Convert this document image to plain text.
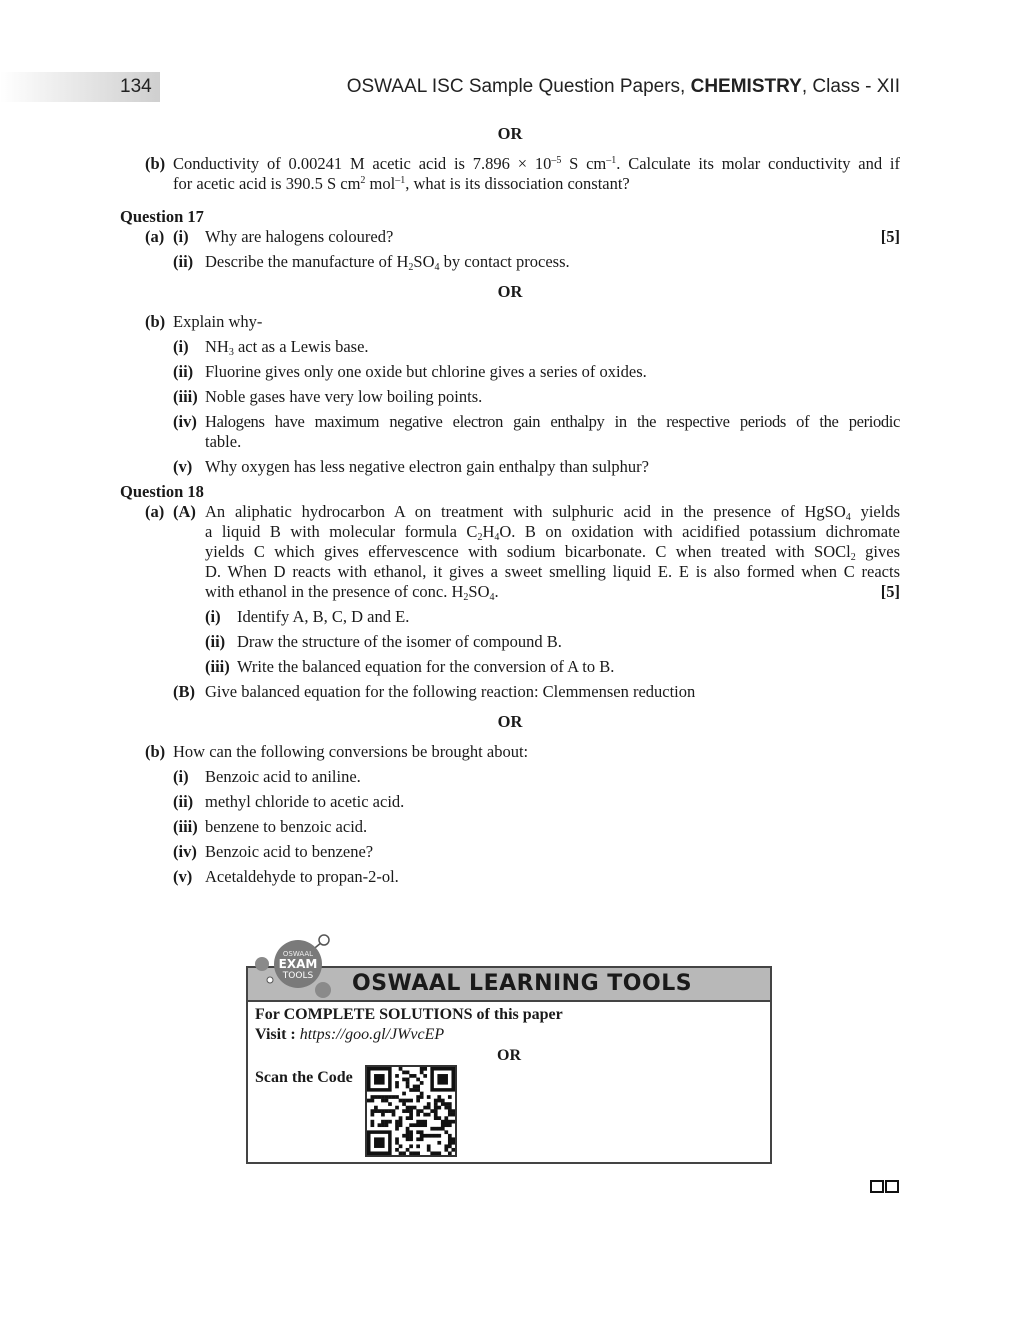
134	OSWAAL ISC Sample Question Papers, CHEMISTRY, Class - XII
OR
(b) Conductivity of 0.00241 M acetic acid is $7.896 \times 10^{-5}$ S $cm^{-1}$. Calculate its molar conductivity and if
for acetic acid is 390.5 S $cm^2$ mol$^{-1}$, what is its dissociation constant?
Question 17
(a) (i) Why are halogens coloured?	[5]
(ii) Describe the manufacture of $H_2SO_4$ by contact process.
OR
(b) Explain why-
(i) $NH_3$ act as a Lewis base.
(ii) Fluorine gives only one oxide but chlorine gives a series of oxides.
(iii) Noble gases have very low boiling points.
(iv) Halogens have maximum negative electron gain enthalpy in the respective periods of the periodic
table.
(v) Why oxygen has less negative electron gain enthalpy than sulphur?
Question 18
(a) (A) An aliphatic hydrocarbon A on treatment with sulphuric acid in the presence of HgSO$_4$ yields
a liquid B with molecular formula $C_2H_4O$. B on oxidation with acidified potassium dichromate
yields C which gives effervescence with sodium bicarbonate. C when treated with SOCl$_2$ gives
D. When D reacts with ethanol, it gives a sweet smelling liquid E. E is also formed when C reacts
with ethanol in the presence of conc. $H_2SO_4$.	[5]
(i) Identify A, B, C, D and E.
(ii) Draw the structure of the isomer of compound B.
(iii) Write the balanced equation for the conversion of A to B.
(B) Give balanced equation for the following reaction: Clemmensen reduction
OR
(b) How can the following conversions be brought about:
(i) Benzoic acid to aniline.
(ii) methyl chloride to acetic acid.
(iii) benzene to benzoic acid.
(iv) Benzoic acid to benzene?
(v) Acetaldehyde to propan-2-ol.
OSWAAL LEARNING TOOLS
For COMPLETE SOLUTIONS of this paper
Visit : https://goo.gl/JWvcEP
OR
Scan the Code
OSWAAL
EXAM
TOOLS
